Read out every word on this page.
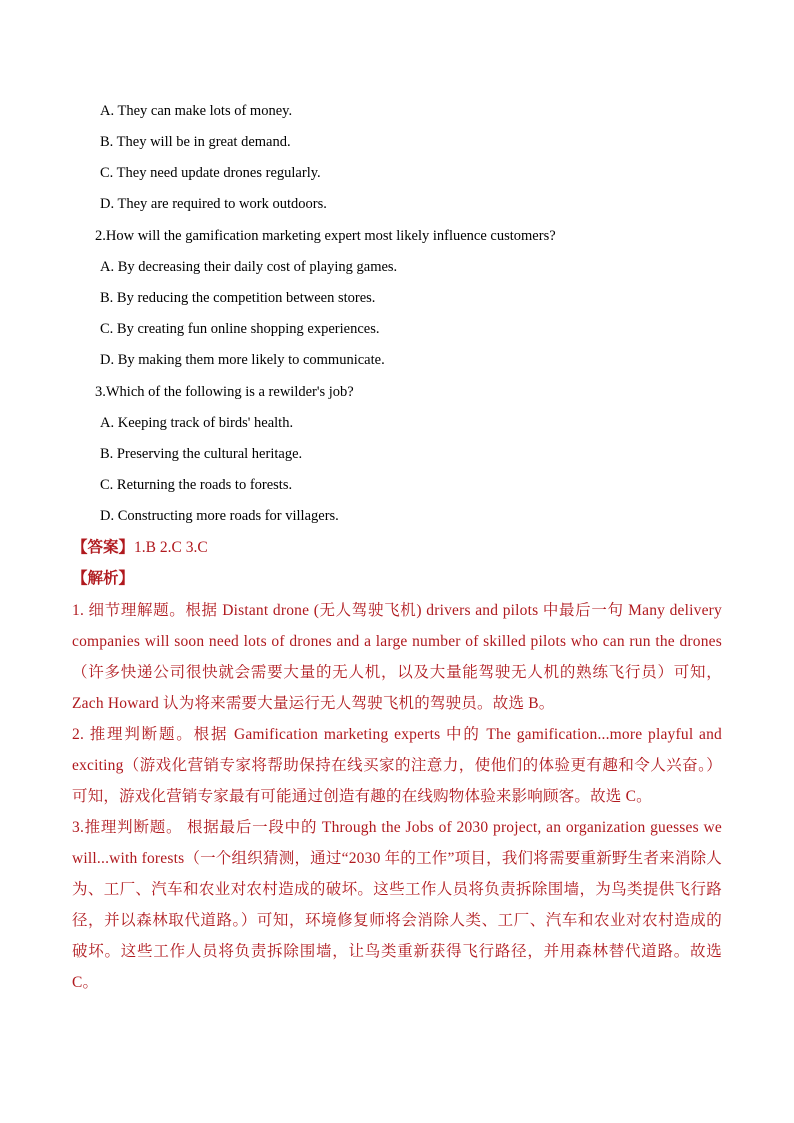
A. They can make lots of money.
B. They will be in great demand.
C. They need update drones regularly.
D. They are required to work outdoors.
2.How will the gamification marketing expert most likely influence customers?
A. By decreasing their daily cost of playing games.
B. By reducing the competition between stores.
C. By creating fun online shopping experiences.
D. By making them more likely to communicate.
3.Which of the following is a rewilder's job?
A. Keeping track of birds' health.
B. Preserving the cultural heritage.
C. Returning the roads to forests.
D. Constructing more roads for villagers.
【答案】1.B 2.C 3.C
【解析】

1. 细节理解题。根据 Distant drone (无人驾驶飞机) drivers and pilots 中最后一句 Many delivery companies will soon need lots of drones and a large number of skilled pilots who can run the drones（许多快递公司很快就会需要大量的无人机，以及大量能驾驶无人机的熟练飞行员）可知，Zach Howard 认为将来需要大量运行无人驾驶飞机的驾驶员。故选 B。

2. 推理判断题。根据 Gamification marketing experts 中的 The gamification...more playful and exciting（游戏化营销专家将帮助保持在线买家的注意力，使他们的体验更有趣和令人兴奋。）可知，游戏化营销专家最有可能通过创造有趣的在线购物体验来影响顾客。故选 C。

3.推理判断题。 根据最后一段中的 Through the Jobs of 2030 project, an organization guesses we will...with forests（一个组织猜测，通过“2030 年的工作”项目，我们将需要重新野生者来消除人为、工厂、汽车和农业对农村造成的破坏。这些工作人员将负责拆除围墙，为鸟类提供飞行路径，并以森林取代道路。）可知，环境修复师将会消除人类、工厂、汽车和农业对农村造成的破坏。这些工作人员将负责拆除围墙，让鸟类重新获得飞行路径，并用森林替代道路。故选 C。
